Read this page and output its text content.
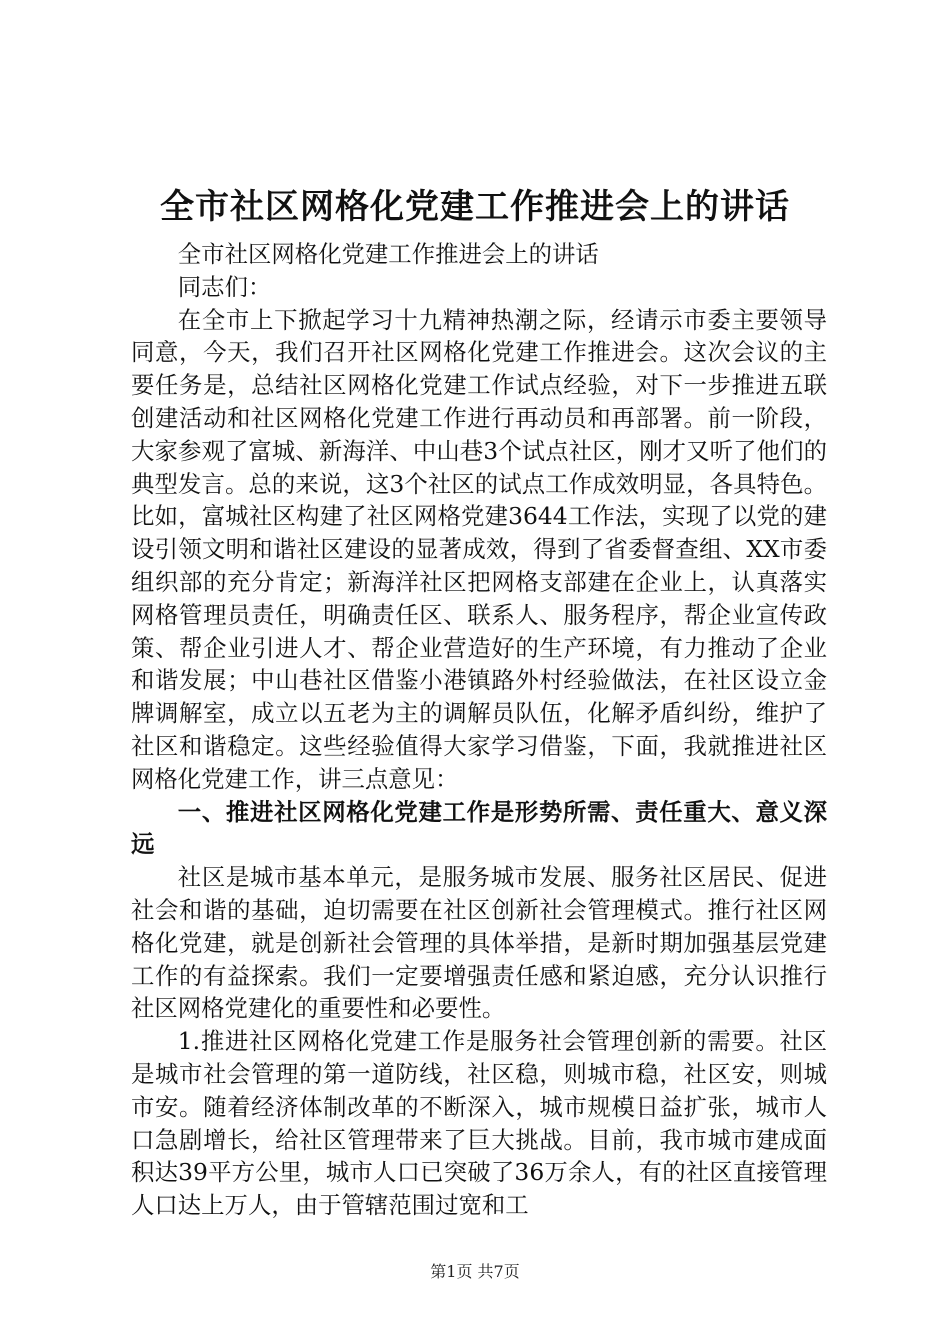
全市社区网格化党建工作推进会上的讲话

全市社区网格化党建工作推进会上的讲话

同志们：

在全市上下掀起学习十九精神热潮之际，经请示市委主要领导同意，今天，我们召开社区网格化党建工作推进会。这次会议的主要任务是，总结社区网格化党建工作试点经验，对下一步推进五联创建活动和社区网格化党建工作进行再动员和再部署。前一阶段，大家参观了富城、新海洋、中山巷3个试点社区，刚才又听了他们的典型发言。总的来说，这3个社区的试点工作成效明显，各具特色。比如，富城社区构建了社区网格党建3644工作法，实现了以党的建设引领文明和谐社区建设的显著成效，得到了省委督查组、XX市委组织部的充分肯定；新海洋社区把网格支部建在企业上，认真落实网格管理员责任，明确责任区、联系人、服务程序，帮企业宣传政策、帮企业引进人才、帮企业营造好的生产环境，有力推动了企业和谐发展；中山巷社区借鉴小港镇路外村经验做法，在社区设立金牌调解室，成立以五老为主的调解员队伍，化解矛盾纠纷，维护了社区和谐稳定。这些经验值得大家学习借鉴，下面，我就推进社区网格化党建工作，讲三点意见：

一、推进社区网格化党建工作是形势所需、责任重大、意义深远

社区是城市基本单元，是服务城市发展、服务社区居民、促进社会和谐的基础，迫切需要在社区创新社会管理模式。推行社区网格化党建，就是创新社会管理的具体举措，是新时期加强基层党建工作的有益探索。我们一定要增强责任感和紧迫感，充分认识推行社区网格党建化的重要性和必要性。

1.推进社区网格化党建工作是服务社会管理创新的需要。社区是城市社会管理的第一道防线，社区稳，则城市稳，社区安，则城市安。随着经济体制改革的不断深入，城市规模日益扩张，城市人口急剧增长，给社区管理带来了巨大挑战。目前，我市城市建成面积达39平方公里，城市人口已突破了36万余人，有的社区直接管理人口达上万人，由于管辖范围过宽和工

第1页 共7页
